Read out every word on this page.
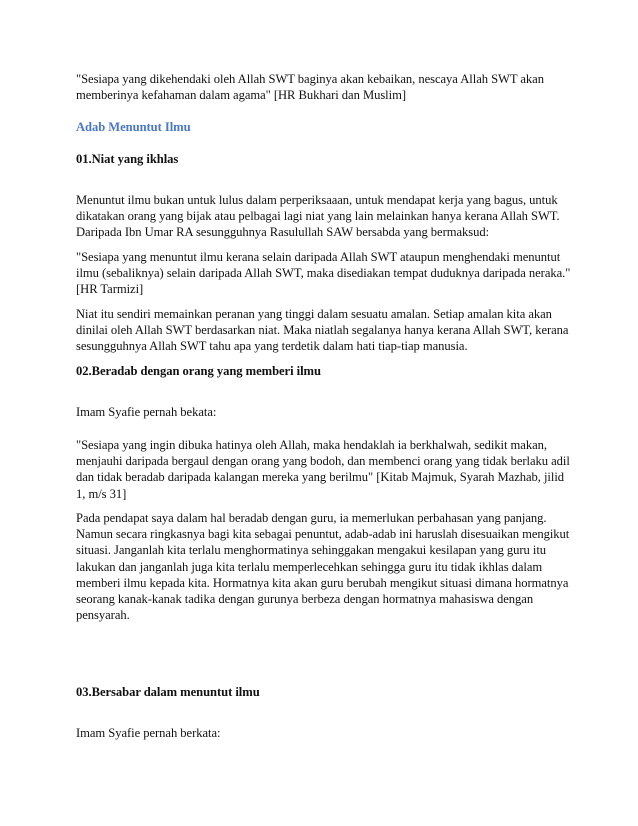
"Sesiapa yang dikehendaki oleh Allah SWT baginya akan kebaikan, nescaya Allah SWT akan memberinya kefahaman dalam agama" [HR Bukhari dan Muslim]

Adab Menuntut Ilmu

01.Niat yang ikhlas

Menuntut ilmu bukan untuk lulus dalam perperiksaaan, untuk mendapat kerja yang bagus, untuk dikatakan orang yang bijak atau pelbagai lagi niat yang lain melainkan hanya kerana Allah SWT. Daripada Ibn Umar RA sesungguhnya Rasulullah SAW bersabda yang bermaksud:

"Sesiapa yang menuntut ilmu kerana selain daripada Allah SWT ataupun menghendaki menuntut ilmu (sebaliknya) selain daripada Allah SWT, maka disediakan tempat duduknya daripada neraka." [HR Tarmizi]

Niat itu sendiri memainkan peranan yang tinggi dalam sesuatu amalan. Setiap amalan kita akan dinilai oleh Allah SWT berdasarkan niat. Maka niatlah segalanya hanya kerana Allah SWT, kerana sesungguhnya Allah SWT tahu apa yang terdetik dalam hati tiap-tiap manusia.

02.Beradab dengan orang yang memberi ilmu

Imam Syafie pernah bekata:

"Sesiapa yang ingin dibuka hatinya oleh Allah, maka hendaklah ia berkhalwah, sedikit makan, menjauhi daripada bergaul dengan orang yang bodoh, dan membenci orang yang tidak berlaku adil dan tidak beradab daripada kalangan mereka yang berilmu" [Kitab Majmuk, Syarah Mazhab, jilid 1, m/s 31]

Pada pendapat saya dalam hal beradab dengan guru, ia memerlukan perbahasan yang panjang. Namun secara ringkasnya bagi kita sebagai penuntut, adab-adab ini haruslah disesuaikan mengikut situasi. Janganlah kita terlalu menghormatinya sehinggakan mengakui kesilapan yang guru itu lakukan dan janganlah juga kita terlalu memperlecehkan sehingga guru itu tidak ikhlas dalam memberi ilmu kepada kita. Hormatnya kita akan guru berubah mengikut situasi dimana hormatnya seorang kanak-kanak tadika dengan gurunya berbeza dengan hormatnya mahasiswa dengan pensyarah.

03.Bersabar dalam menuntut ilmu

Imam Syafie pernah berkata:
